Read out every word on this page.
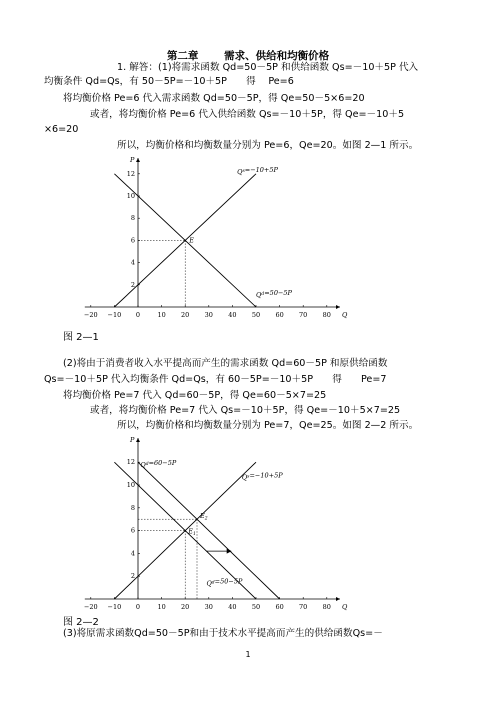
第二章 需求、供给和均衡价格
1. 解答：(1)将需求函数 Qd=50－5P 和供给函数 Qs=－10＋5P 代入
均衡条件 Qd=Qs，有 50－5P=－10＋5P　　得　 Pe=6
将均衡价格 Pe=6 代入需求函数 Qd=50－5P，得 Qe=50－5×6=20
或者，将均衡价格 Pe=6 代入供给函数 Qs=－10＋5P，得 Qe=－10＋5
×6=20
所以，均衡价格和均衡数量分别为 Pe=6，Qe=20。如图 2—1 所示。
P
Q
−20 −10 0	10 20 30 40 50 60 70 80
2
4
6
8
10
12
E
$Q^s=-10+5P$
$Q^d=50-5P$
图 2—1
(2)将由于消费者收入水平提高而产生的需求函数 Qd=60－5P 和原供给函数
Qs=－10＋5P 代入均衡条件 Qd=Qs，有 60－5P=－10＋5P　　得　　Pe=7
将均衡价格 Pe=7 代入 Qd=60－5P，得 Qe=60－5×7=25
或者，将均衡价格 Pe=7 代入 Qs=－10＋5P，得 Qe=－10＋5×7=25
所以，均衡价格和均衡数量分别为 Pe=7，Qe=25。如图 2—2 所示。
P
Q
−20 −10 0	10 20 30 40 50 60 70 80
2
4
6
8
10
12
$E_2$
$E_1$
$Q^d=60-5P$
$Q^s=-10+5P$
$Q^d=50-5P$
图 2—2
(3)将原需求函数Qd=50－5P和由于技术水平提高而产生的供给函数Qs=－
1
